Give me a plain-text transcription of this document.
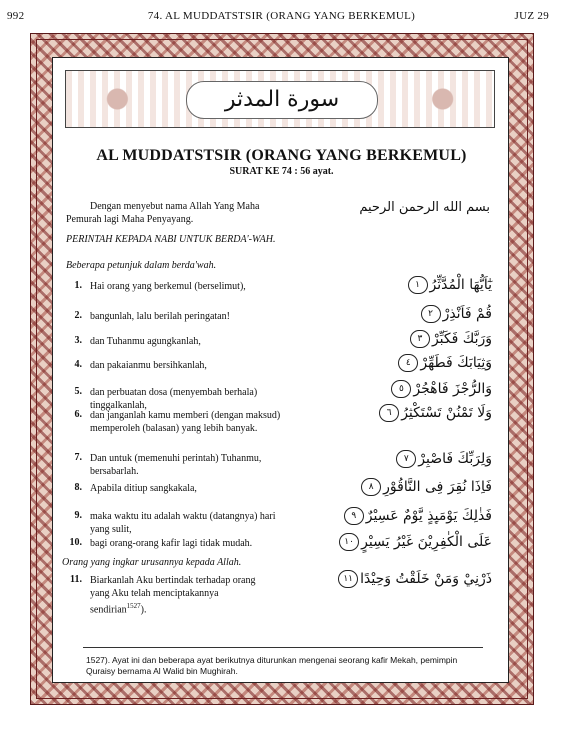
992	74. AL MUDDATSTSIR (ORANG YANG BERKEMUL)	JUZ 29
سورة المدثر
AL MUDDATSTSIR (ORANG YANG BERKEMUL)
SURAT KE 74 : 56 ayat.
Dengan menyebut nama Allah Yang Maha Pemurah lagi Maha Penyayang.
بسم الله الرحمن الرحيم
PERINTAH KEPADA NABI UNTUK BERDA'-WAH.
Beberapa petunjuk dalam berda'wah.
1. Hai orang yang berkemul (berselimut),	يٰٓاَيُّهَا الْمُدَّثِّرُ١
2. bangunlah, lalu berilah peringatan!	قُمْ فَاَنْذِرْ٢
3. dan Tuhanmu agungkanlah,	وَرَبَّكَ فَكَبِّرْ٣
4. dan pakaianmu bersihkanlah,	وَثِيَابَكَ فَطَهِّرْ٤
5. dan perbuatan dosa (menyembah berhala) tinggalkanlah,
وَالرُّجْزَ فَاهْجُرْ٥
6. dan janganlah kamu memberi (dengan maksud) memperoleh (balasan) yang lebih banyak.
وَلَا تَمْنُنْ تَسْتَكْثِرُ٦
7. Dan untuk (memenuhi perintah) Tuhanmu, bersabarlah.
وَلِرَبِّكَ فَاصْبِرْ٧
8. Apabila ditiup sangkakala,	فَاِذَا نُقِرَ فِى النَّاقُوْرِ٨
9. maka waktu itu adalah waktu (datangnya) hari yang sulit,
فَذٰلِكَ يَوْمَىِٕذٍ يَّوْمٌ عَسِيْرٌ٩
10. bagi orang-orang kafir lagi tidak mudah.	عَلَى الْكٰفِرِيْنَ غَيْرُ يَسِيْرٍ١٠
Orang yang ingkar urusannya kepada Allah.
11. Biarkanlah Aku bertindak terhadap orang yang Aku telah menciptakannya sendirian$^{1527}$).
ذَرْنِيْ وَمَنْ خَلَقْتُ وَحِيْدًا١١
1527). Ayat ini dan beberapa ayat berikutnya diturunkan mengenai seorang kafir Mekah, pemimpin Quraisy bernama Al Walid bin Mughirah.
